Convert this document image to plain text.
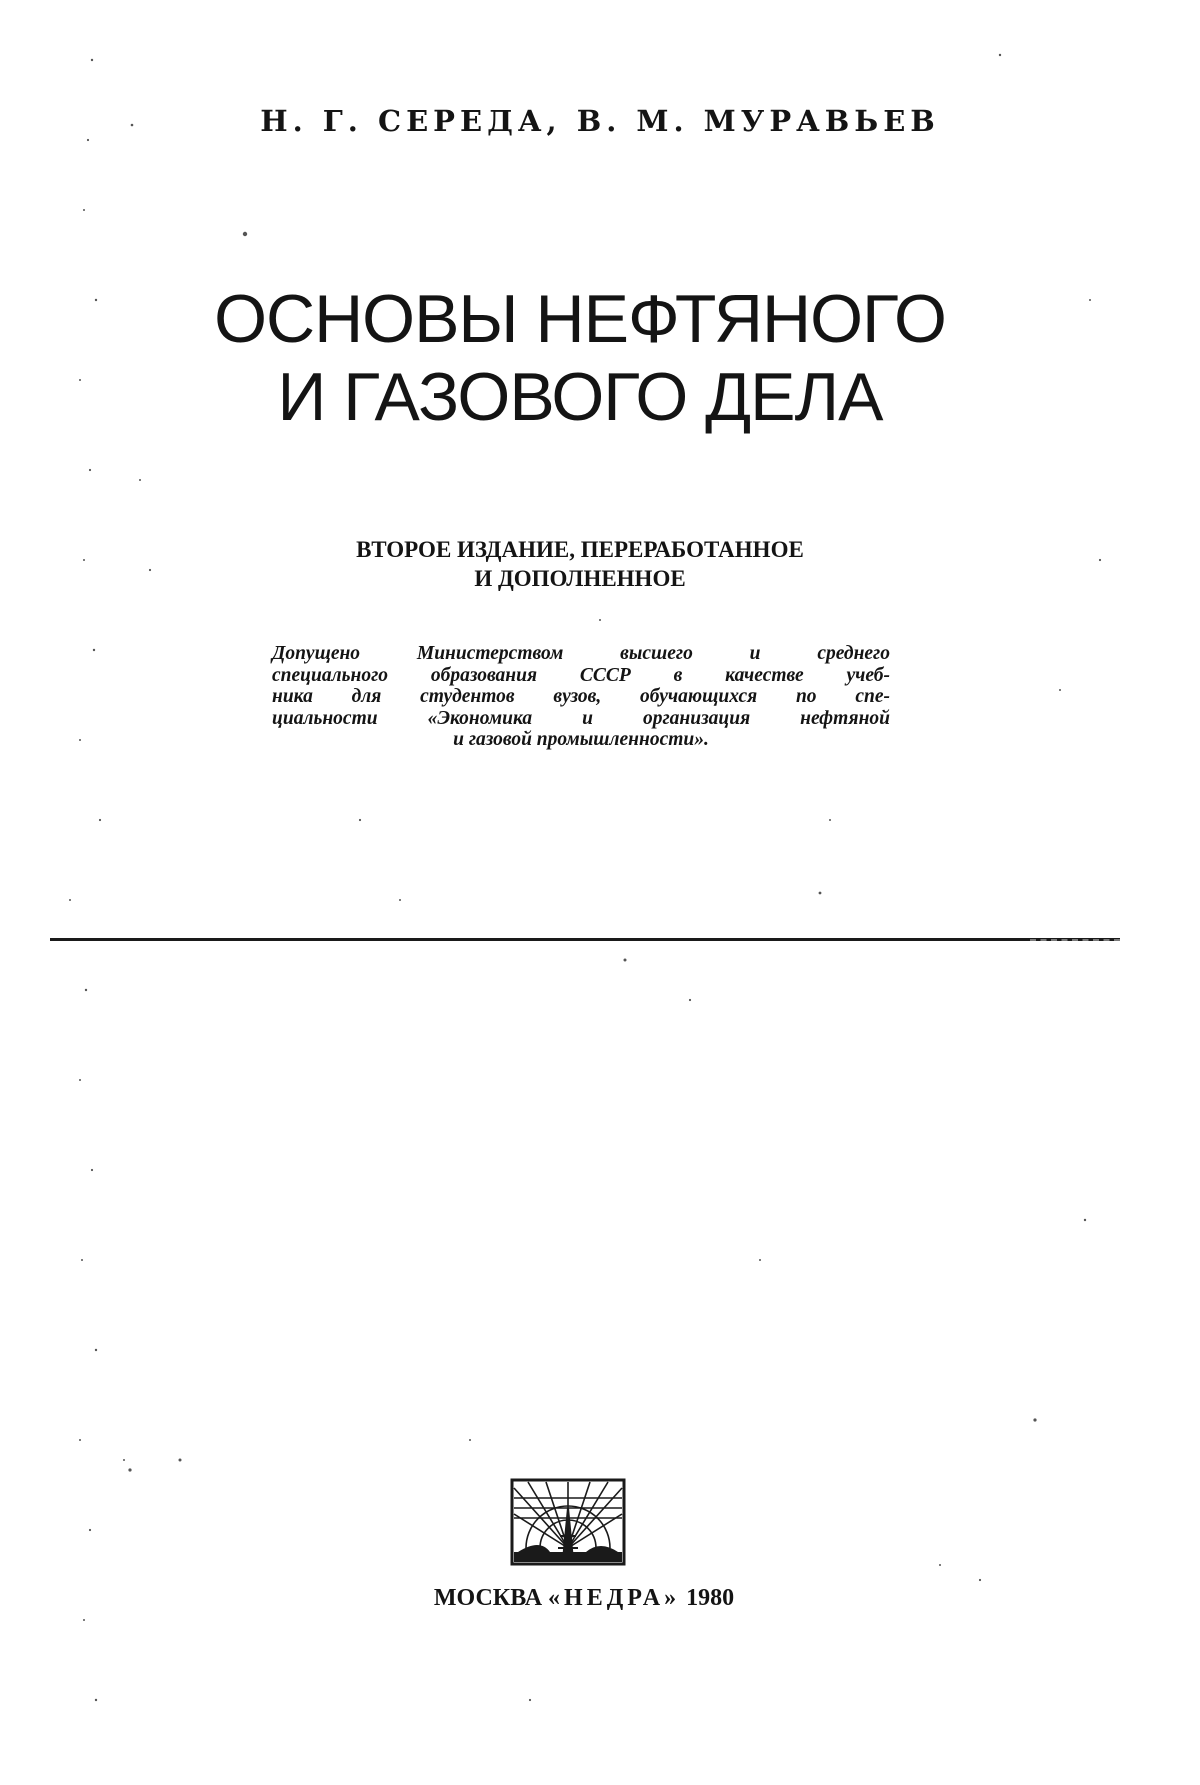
Н. Г. СЕРЕДА, В. М. МУРАВЬЕВ
ОСНОВЫ НЕФТЯНОГО
И ГАЗОВОГО ДЕЛА
ВТОРОЕ ИЗДАНИЕ, ПЕРЕРАБОТАННОЕ
И ДОПОЛНЕННОЕ
Допущено Министерством высшего и среднего
специального образования СССР в качестве учеб-
ника для студентов вузов, обучающихся по спе-
циальности «Экономика и организация нефтяной
и газовой промышленности».
МОСКВА «НЕДРА» 1980
